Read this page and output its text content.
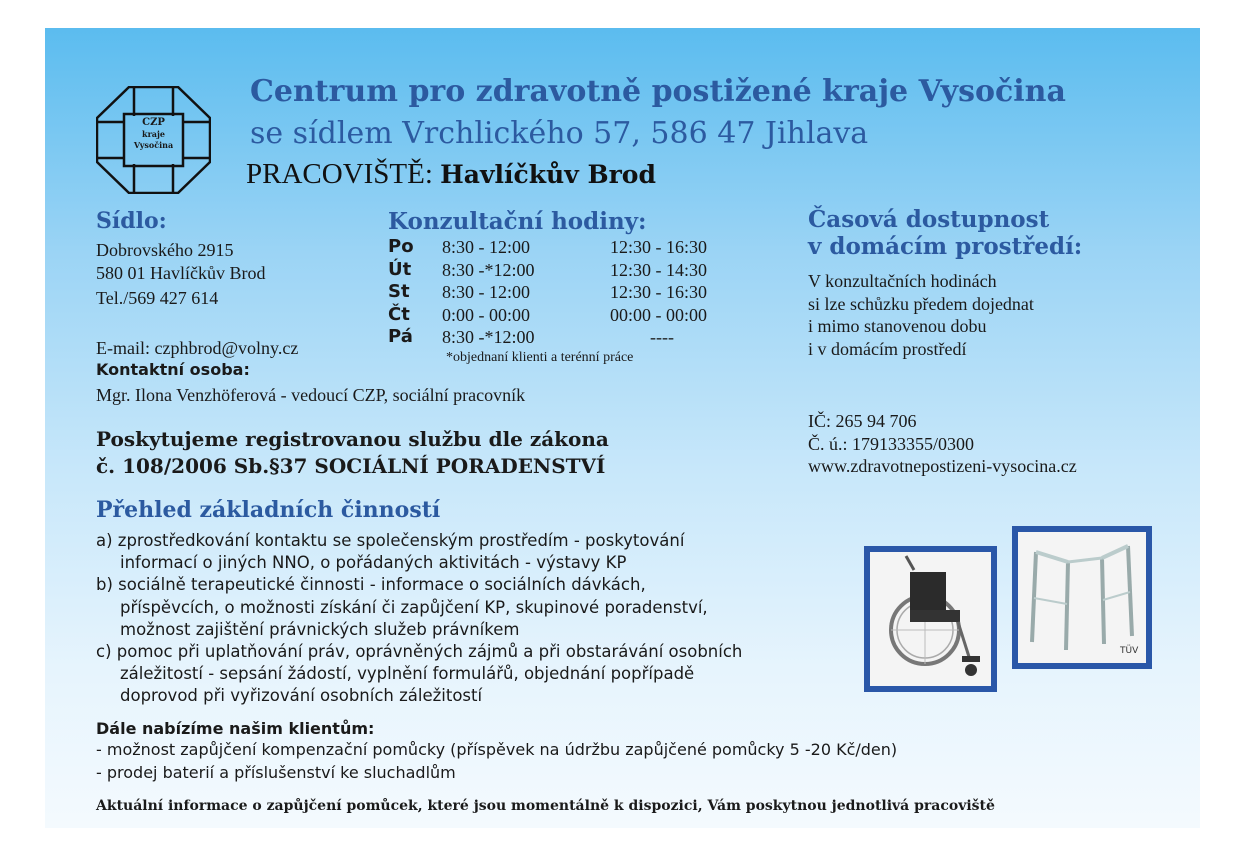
CZP
kraje
Vysočina
Centrum pro zdravotně postižené kraje Vysočina
se sídlem Vrchlického 57, 586 47 Jihlava
PRACOVIŠTĚ: Havlíčkův Brod
Sídlo:
Dobrovského 2915
580 01 Havlíčkův Brod
Tel./569 427 614
E-mail: czphbrod@volny.cz
Kontaktní osoba:
Mgr. Ilona Venzhöferová - vedoucí CZP, sociální pracovník
Konzultační hodiny:
Po	8:30 - 12:00	12:30 - 16:30
Út	8:30 -*12:00	12:30 - 14:30
St	8:30 - 12:00	12:30 - 16:30
Čt	0:00 - 00:00	00:00 - 00:00
Pá	8:30 -*12:00	----
*objednaní klienti a terénní práce
Časová dostupnost
v domácím prostředí:
V konzultačních hodinách
si lze schůzku předem dojednat
i mimo stanovenou dobu
i v domácím prostředí
IČ: 265 94 706
Č. ú.: 179133355/0300
www.zdravotnepostizeni-vysocina.cz
Poskytujeme registrovanou službu dle zákona
č. 108/2006 Sb.§37 SOCIÁLNÍ PORADENSTVÍ
Přehled základních činností
a) zprostředkování kontaktu se společenským prostředím - poskytování
informací o jiných NNO, o pořádaných aktivitách - výstavy KP
b) sociálně terapeutické činnosti - informace o sociálních dávkách,
příspěvcích, o možnosti získání či zapůjčení KP, skupinové poradenství,
možnost zajištění právnických služeb právníkem
c) pomoc při uplatňování práv, oprávněných zájmů a při obstarávání osobních
záležitostí - sepsání žádostí, vyplnění formulářů, objednání popřípadě
doprovod při vyřizování osobních záležitostí
TÜV
Dále nabízíme našim klientům:
- možnost zapůjčení kompenzační pomůcky (příspěvek na údržbu zapůjčené pomůcky 5 -20 Kč/den)
- prodej baterií a příslušenství ke sluchadlům
Aktuální informace o zapůjčení pomůcek, které jsou momentálně k dispozici, Vám poskytnou jednotlivá pracoviště
